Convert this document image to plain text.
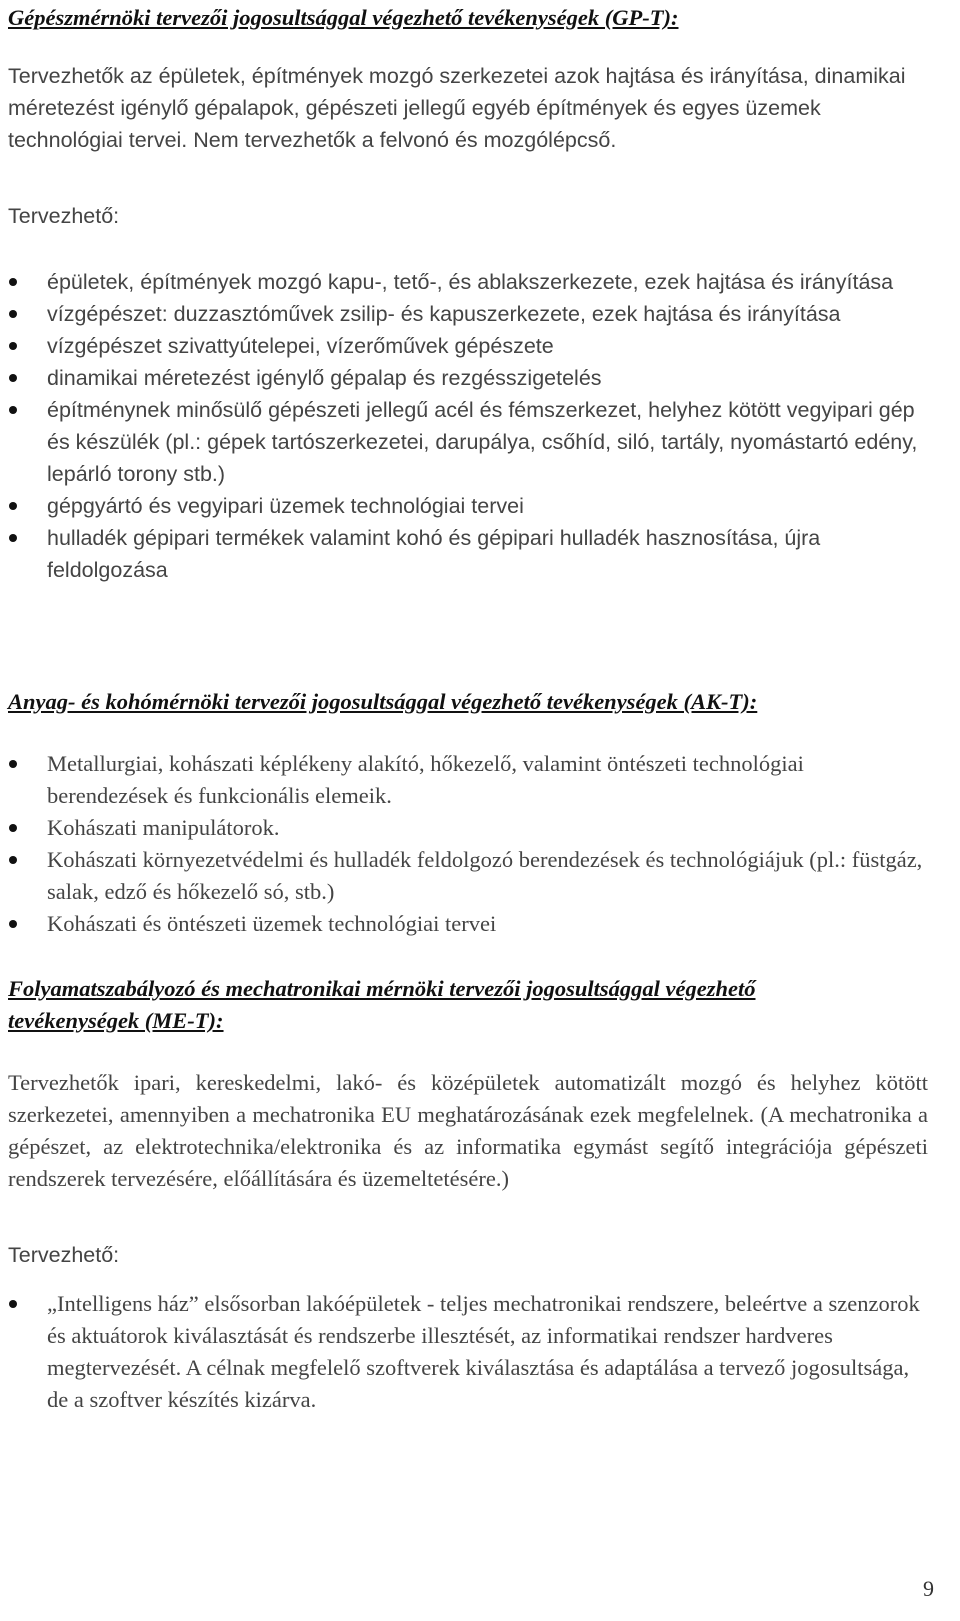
Gépészmérnöki tervezői jogosultsággal végezhető tevékenységek (GP-T):

Tervezhetők az épületek, építmények mozgó szerkezetei azok hajtása és irányítása, dinamikai méretezést igénylő gépalapok, gépészeti jellegű egyéb építmények és egyes üzemek technológiai tervei. Nem tervezhetők a felvonó és mozgólépcső.

Tervezhető:

épületek, építmények mozgó kapu-, tető-, és ablakszerkezete, ezek hajtása és irányítása
vízgépészet: duzzasztóművek zsilip- és kapuszerkezete, ezek hajtása és irányítása
vízgépészet szivattyútelepei, vízerőművek gépészete
dinamikai méretezést igénylő gépalap és rezgésszigetelés
építménynek minősülő gépészeti jellegű acél és fémszerkezet, helyhez kötött vegyipari gép és készülék (pl.: gépek tartószerkezetei, darupálya, csőhíd, siló, tartály, nyomástartó edény, lepárló torony stb.)
gépgyártó és vegyipari üzemek technológiai tervei
hulladék gépipari termékek valamint kohó és gépipari hulladék hasznosítása, újra feldolgozása
Anyag- és kohómérnöki tervezői jogosultsággal végezhető tevékenységek (AK-T):
Metallurgiai, kohászati képlékeny alakító, hőkezelő, valamint öntészeti technológiai berendezések és funkcionális elemeik.
Kohászati manipulátorok.
Kohászati környezetvédelmi és hulladék feldolgozó berendezések és technológiájuk (pl.: füstgáz, salak, edző és hőkezelő só, stb.)
Kohászati és öntészeti üzemek technológiai tervei
Folyamatszabályozó és mechatronikai mérnöki tervezői jogosultsággal végezhető
tevékenységek (ME-T):

Tervezhetők ipari, kereskedelmi, lakó- és középületek automatizált mozgó és helyhez kötött szerkezetei, amennyiben a mechatronika EU meghatározásának ezek megfelelnek. (A mechatronika a gépészet, az elektrotechnika/elektronika és az informatika egymást segítő integrációja gépészeti rendszerek tervezésére, előállítására és üzemeltetésére.)

Tervezhető:

„Intelligens ház” elsősorban lakóépületek - teljes mechatronikai rendszere, beleértve a szenzorok és aktuátorok kiválasztását és rendszerbe illesztését, az informatikai rendszer hardveres megtervezését. A célnak megfelelő szoftverek kiválasztása és adaptálása a tervező jogosultsága, de a szoftver készítés kizárva.

9
